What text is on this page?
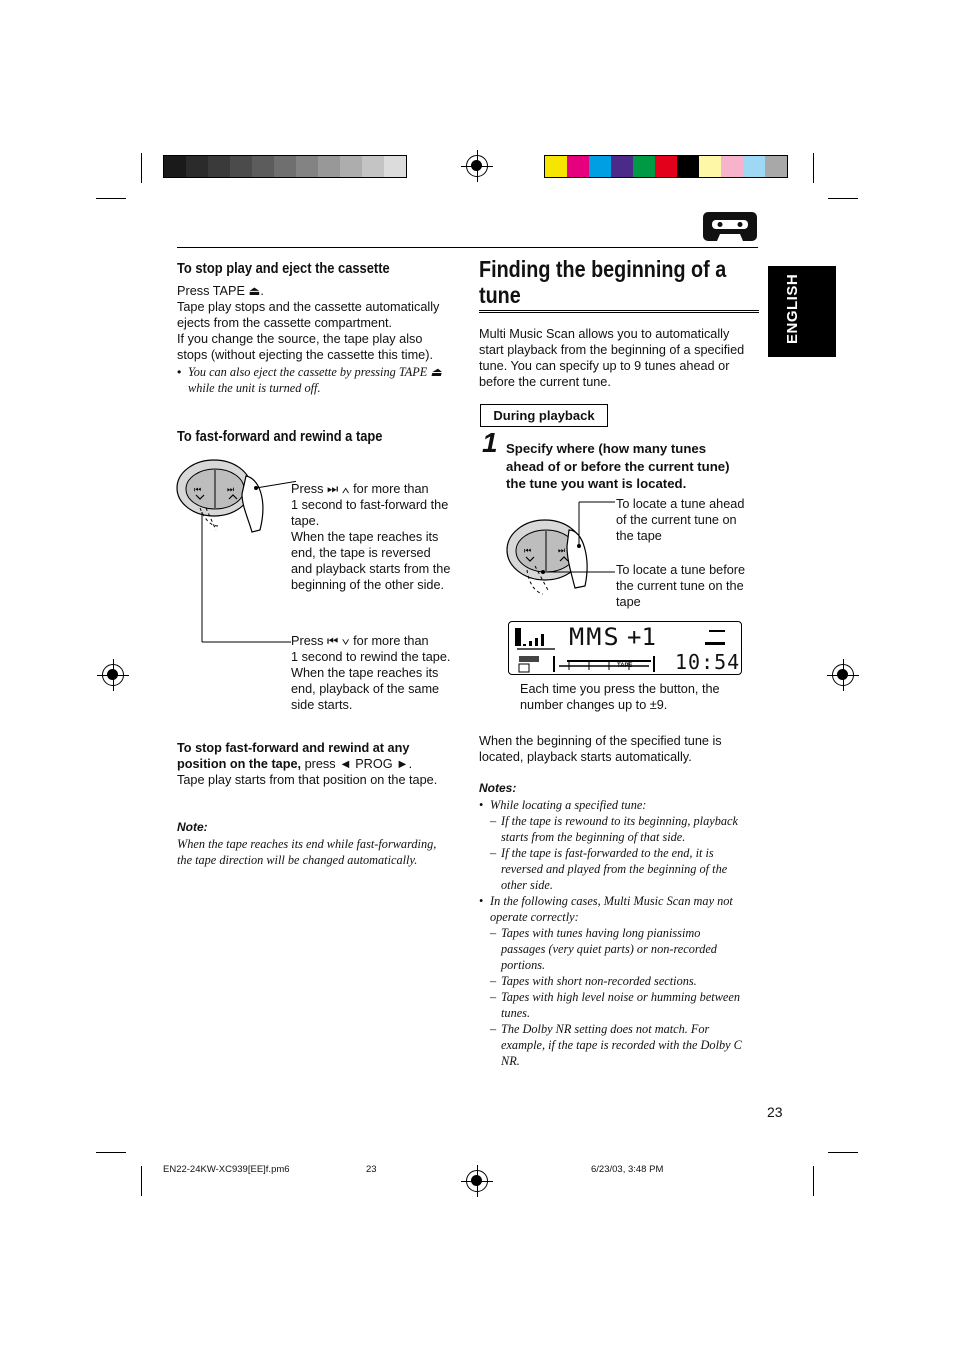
ENGLISH
To stop play and eject the cassette
Press TAPE ⏏.
Tape play stops and the cassette automatically
ejects from the cassette compartment.
If you change the source, the tape play also
stops (without ejecting the cassette this time).
• You can also eject the cassette by pressing TAPE ⏏
while the unit is turned off.
To fast-forward and rewind a tape
⏮	⏭	Press ⏭ ∧ for more than
1 second to fast-forward the
tape.
When the tape reaches its
end, the tape is reversed
and playback starts from the
beginning of the other side.
Press ⏮ ∨ for more than
1 second to rewind the tape.
When the tape reaches its
end, playback of the same
side starts.
To stop fast-forward and rewind at any
position on the tape, press ◄ PROG ►.
Tape play starts from that position on the tape.
Note:
When the tape reaches its end while fast-forwarding,
the tape direction will be changed automatically.
Finding the beginning of a
tune
Multi Music Scan allows you to automatically
start playback from the beginning of a specified
tune. You can specify up to 9 tunes ahead or
before the current tune.
During playback
1 Specify where (how many tunes
ahead of or before the current tune)
the tune you want is located.
⏮	⏭
To locate a tune ahead
of the current tune on
the tape
To locate a tune before
the current tune on the
tape
MMS +1
10:54
TAPE
Each time you press the button, the
number changes up to ±9.
When the beginning of the specified tune is
located, playback starts automatically.
Notes:
• While locating a specified tune:
– If the tape is rewound to its beginning, playback
starts from the beginning of that side.
– If the tape is fast-forwarded to the end, it is
reversed and played from the beginning of the
other side.
• In the following cases, Multi Music Scan may not
operate correctly:
– Tapes with tunes having long pianissimo
passages (very quiet parts) or non-recorded
portions.
– Tapes with short non-recorded sections.
– Tapes with high level noise or humming between
tunes.
– The Dolby NR setting does not match. For
example, if the tape is recorded with the Dolby C
NR.
23
EN22-24KW-XC939[EE]f.pm6	23	6/23/03, 3:48 PM
